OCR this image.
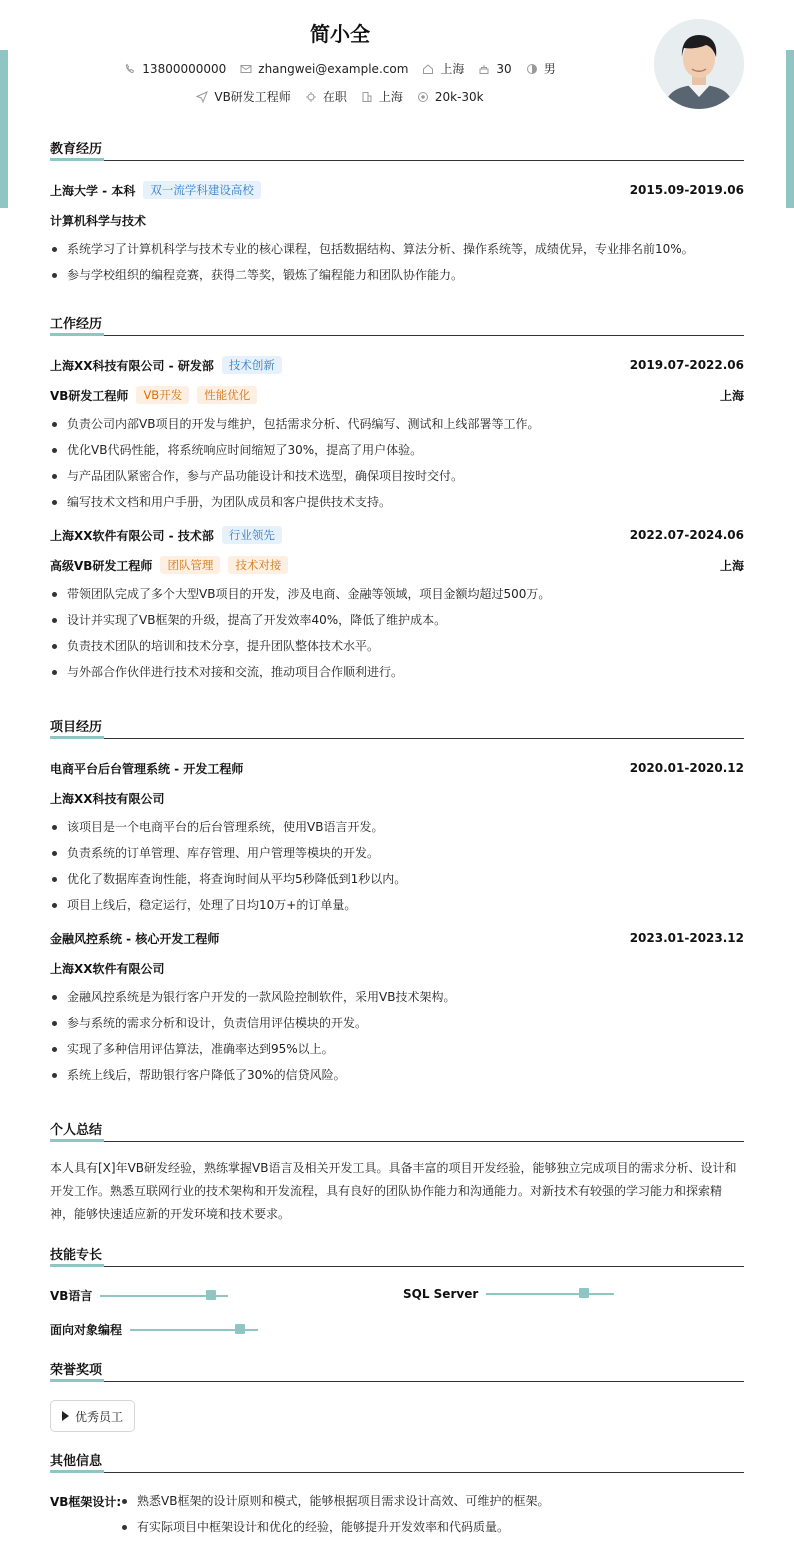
简小全
13800000000	zhangwei@example.com	上海	30	男
VB研发工程师	在职	上海	20k-30k
教育经历
上海大学 - 本科	双一流学科建设高校	2015.09-2019.06
计算机科学与技术
系统学习了计算机科学与技术专业的核心课程，包括数据结构、算法分析、操作系统等，成绩优异，专业排名前10%。
参与学校组织的编程竞赛，获得二等奖，锻炼了编程能力和团队协作能力。
工作经历
上海XX科技有限公司 - 研发部	技术创新	2019.07-2022.06
VB研发工程师	VB开发	性能优化	上海
负责公司内部VB项目的开发与维护，包括需求分析、代码编写、测试和上线部署等工作。
优化VB代码性能，将系统响应时间缩短了30%，提高了用户体验。
与产品团队紧密合作，参与产品功能设计和技术选型，确保项目按时交付。
编写技术文档和用户手册，为团队成员和客户提供技术支持。
上海XX软件有限公司 - 技术部	行业领先	2022.07-2024.06
高级VB研发工程师	团队管理	技术对接	上海
带领团队完成了多个大型VB项目的开发，涉及电商、金融等领域，项目金额均超过500万。
设计并实现了VB框架的升级，提高了开发效率40%，降低了维护成本。
负责技术团队的培训和技术分享，提升团队整体技术水平。
与外部合作伙伴进行技术对接和交流，推动项目合作顺利进行。
项目经历
电商平台后台管理系统 - 开发工程师	2020.01-2020.12
上海XX科技有限公司
该项目是一个电商平台的后台管理系统，使用VB语言开发。
负责系统的订单管理、库存管理、用户管理等模块的开发。
优化了数据库查询性能，将查询时间从平均5秒降低到1秒以内。
项目上线后，稳定运行，处理了日均10万+的订单量。
金融风控系统 - 核心开发工程师	2023.01-2023.12
上海XX软件有限公司
金融风控系统是为银行客户开发的一款风险控制软件，采用VB技术架构。
参与系统的需求分析和设计，负责信用评估模块的开发。
实现了多种信用评估算法，准确率达到95%以上。
系统上线后，帮助银行客户降低了30%的信贷风险。
个人总结
本人具有[X]年VB研发经验，熟练掌握VB语言及相关开发工具。具备丰富的项目开发经验，能够独立完成项目的需求分析、设计和开发工作。熟悉互联网行业的技术架构和开发流程，具有良好的团队协作能力和沟通能力。对新技术有较强的学习能力和探索精神，能够快速适应新的开发环境和技术要求。
技能专长
VB语言	SQL Server
面向对象编程
荣誉奖项
优秀员工
其他信息
VB框架设计:	熟悉VB框架的设计原则和模式，能够根据项目需求设计高效、可维护的框架。
有实际项目中框架设计和优化的经验，能够提升开发效率和代码质量。
